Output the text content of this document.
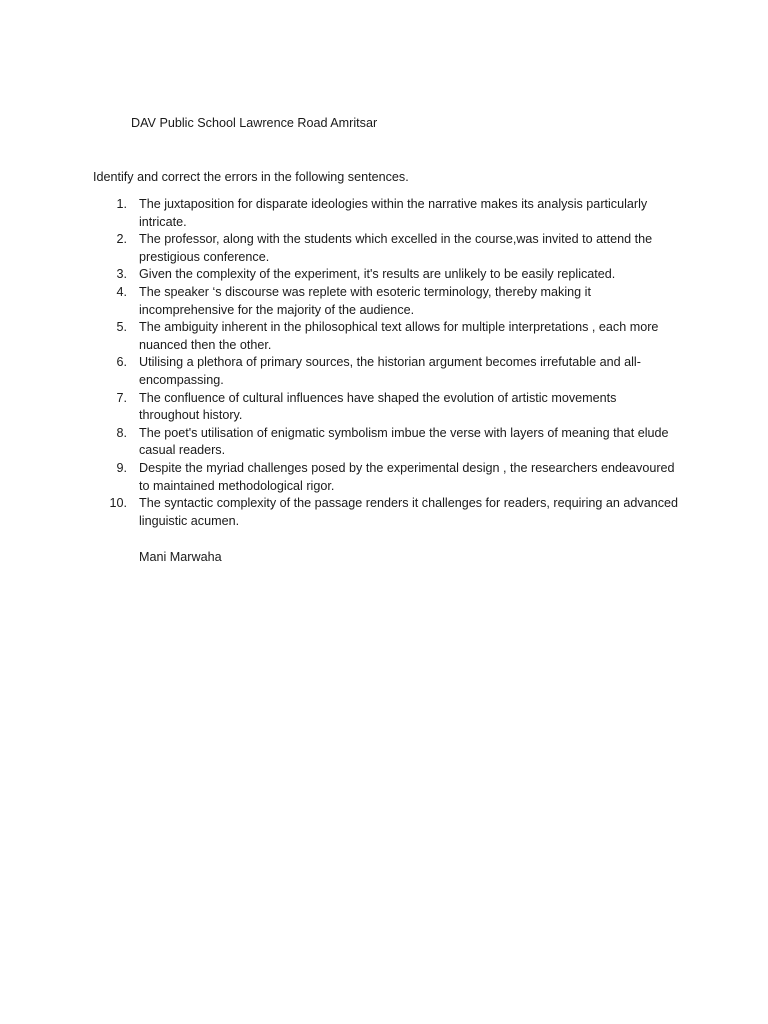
DAV Public School Lawrence Road Amritsar
Identify and correct the errors in the following sentences.
1. The juxtaposition for disparate ideologies within the narrative makes its analysis particularly intricate.
2. The professor, along with the students which excelled in the course,was invited to attend the prestigious conference.
3. Given the complexity of the experiment, it's results are unlikely to be easily replicated.
4. The speaker ‘s discourse was replete with esoteric terminology, thereby making it incomprehensive for the majority of the audience.
5. The ambiguity inherent in the philosophical text allows for multiple interpretations , each more nuanced then the other.
6. Utilising a plethora of primary sources, the historian argument becomes irrefutable and all-encompassing.
7. The confluence of cultural influences have shaped the evolution of artistic movements throughout history.
8. The poet's utilisation of enigmatic symbolism imbue the verse with layers of meaning that elude casual readers.
9. Despite the myriad challenges posed by the experimental design , the researchers endeavoured to maintained methodological rigor.
10. The syntactic complexity of the passage renders it challenges for readers, requiring an advanced linguistic acumen.
Mani Marwaha
